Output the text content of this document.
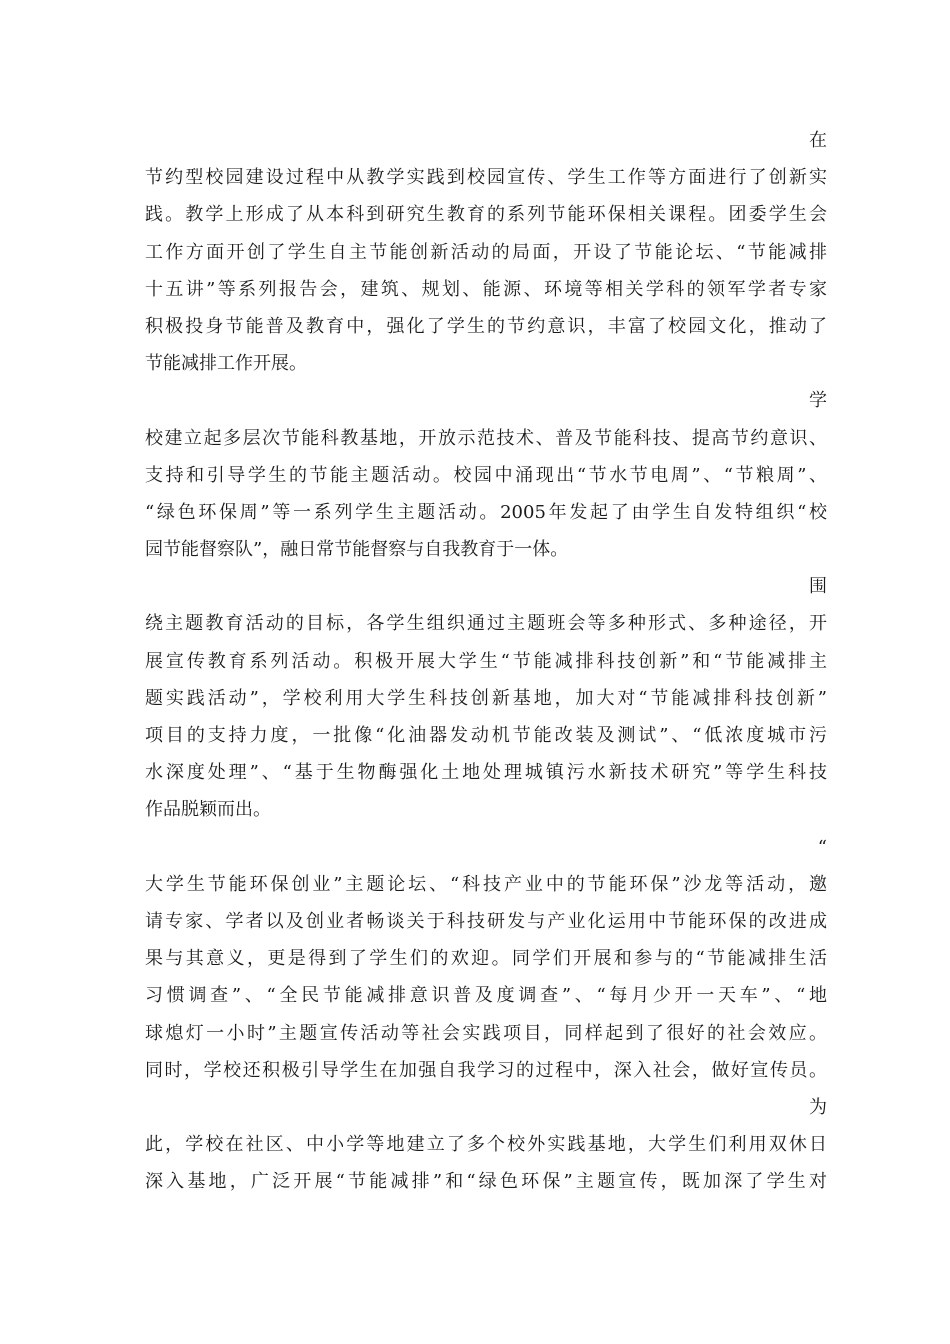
在
节约型校园建设过程中从教学实践到校园宣传、学生工作等方面进行了创新实
践。教学上形成了从本科到研究生教育的系列节能环保相关课程。团委学生会
工作方面开创了学生自主节能创新活动的局面，开设了节能论坛、“节能减排
十五讲”等系列报告会，建筑、规划、能源、环境等相关学科的领军学者专家
积极投身节能普及教育中，强化了学生的节约意识，丰富了校园文化，推动了
节能减排工作开展。
学
校建立起多层次节能科教基地，开放示范技术、普及节能科技、提高节约意识、
支持和引导学生的节能主题活动。校园中涌现出“节水节电周”、“节粮周”、
“绿色环保周”等一系列学生主题活动。2005年发起了由学生自发特组织“校
园节能督察队”，融日常节能督察与自我教育于一体。
围
绕主题教育活动的目标，各学生组织通过主题班会等多种形式、多种途径，开
展宣传教育系列活动。积极开展大学生“节能减排科技创新”和“节能减排主
题实践活动”，学校利用大学生科技创新基地，加大对“节能减排科技创新”
项目的支持力度，一批像“化油器发动机节能改装及测试”、“低浓度城市污
水深度处理”、“基于生物酶强化土地处理城镇污水新技术研究”等学生科技
作品脱颖而出。
“
大学生节能环保创业”主题论坛、“科技产业中的节能环保”沙龙等活动，邀
请专家、学者以及创业者畅谈关于科技研发与产业化运用中节能环保的改进成
果与其意义，更是得到了学生们的欢迎。同学们开展和参与的“节能减排生活
习惯调查”、“全民节能减排意识普及度调查”、“每月少开一天车”、“地
球熄灯一小时”主题宣传活动等社会实践项目，同样起到了很好的社会效应。
同时，学校还积极引导学生在加强自我学习的过程中，深入社会，做好宣传员。
为
此，学校在社区、中小学等地建立了多个校外实践基地，大学生们利用双休日
深入基地，广泛开展“节能减排”和“绿色环保”主题宣传，既加深了学生对
